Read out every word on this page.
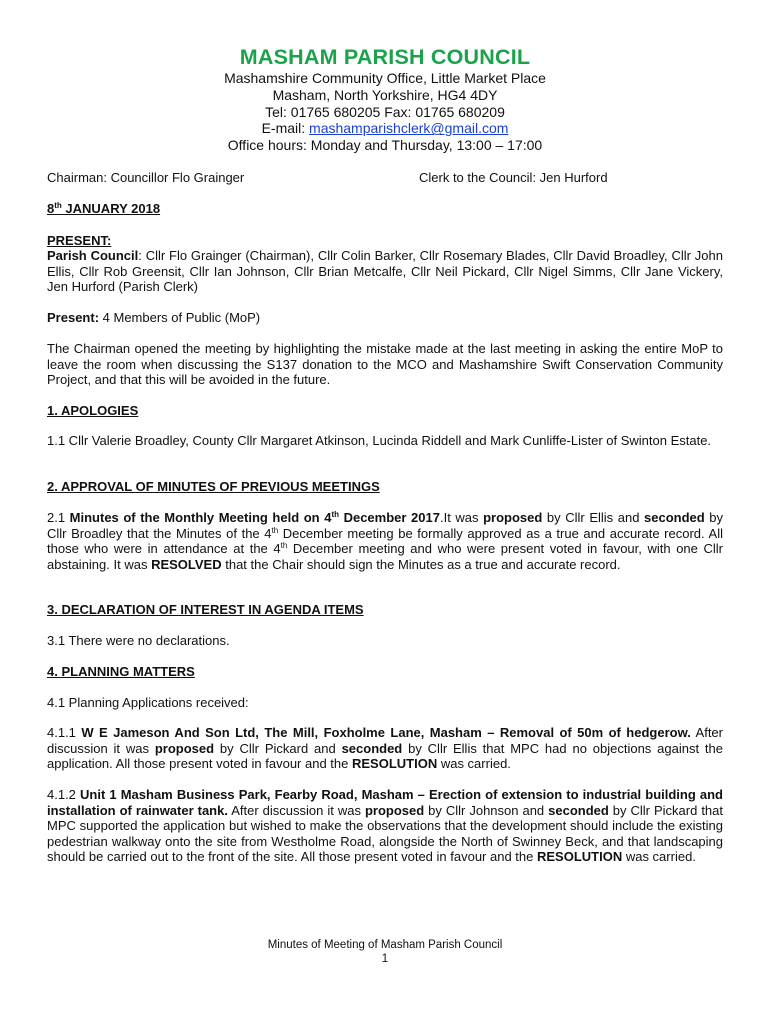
MASHAM PARISH COUNCIL
Mashamshire Community Office, Little Market Place
Masham, North Yorkshire, HG4 4DY
Tel: 01765 680205 Fax: 01765 680209
E-mail: mashamparishclerk@gmail.com
Office hours: Monday and Thursday, 13:00 – 17:00
Chairman: Councillor Flo Grainger	Clerk to the Council: Jen Hurford
8th JANUARY 2018
PRESENT:
Parish Council: Cllr Flo Grainger (Chairman), Cllr Colin Barker, Cllr Rosemary Blades, Cllr David Broadley, Cllr John Ellis, Cllr Rob Greensit, Cllr Ian Johnson, Cllr Brian Metcalfe, Cllr Neil Pickard, Cllr Nigel Simms, Cllr Jane Vickery, Jen Hurford (Parish Clerk)
Present: 4 Members of Public (MoP)
The Chairman opened the meeting by highlighting the mistake made at the last meeting in asking the entire MoP to leave the room when discussing the S137 donation to the MCO and Mashamshire Swift Conservation Community Project, and that this will be avoided in the future.
1. APOLOGIES
1.1 Cllr Valerie Broadley, County Cllr Margaret Atkinson, Lucinda Riddell and Mark Cunliffe-Lister of Swinton Estate.
2. APPROVAL OF MINUTES OF PREVIOUS MEETINGS
2.1 Minutes of the Monthly Meeting held on 4th December 2017.It was proposed by Cllr Ellis and seconded by Cllr Broadley that the Minutes of the 4th December meeting be formally approved as a true and accurate record. All those who were in attendance at the 4th December meeting and who were present voted in favour, with one Cllr abstaining. It was RESOLVED that the Chair should sign the Minutes as a true and accurate record.
3. DECLARATION OF INTEREST IN AGENDA ITEMS
3.1 There were no declarations.
4. PLANNING MATTERS
4.1 Planning Applications received:
4.1.1 W E Jameson And Son Ltd, The Mill, Foxholme Lane, Masham – Removal of 50m of hedgerow. After discussion it was proposed by Cllr Pickard and seconded by Cllr Ellis that MPC had no objections against the application. All those present voted in favour and the RESOLUTION was carried.
4.1.2 Unit 1 Masham Business Park, Fearby Road, Masham – Erection of extension to industrial building and installation of rainwater tank. After discussion it was proposed by Cllr Johnson and seconded by Cllr Pickard that MPC supported the application but wished to make the observations that the development should include the existing pedestrian walkway onto the site from Westholme Road, alongside the North of Swinney Beck, and that landscaping should be carried out to the front of the site. All those present voted in favour and the RESOLUTION was carried.
Minutes of Meeting of Masham Parish Council
1
